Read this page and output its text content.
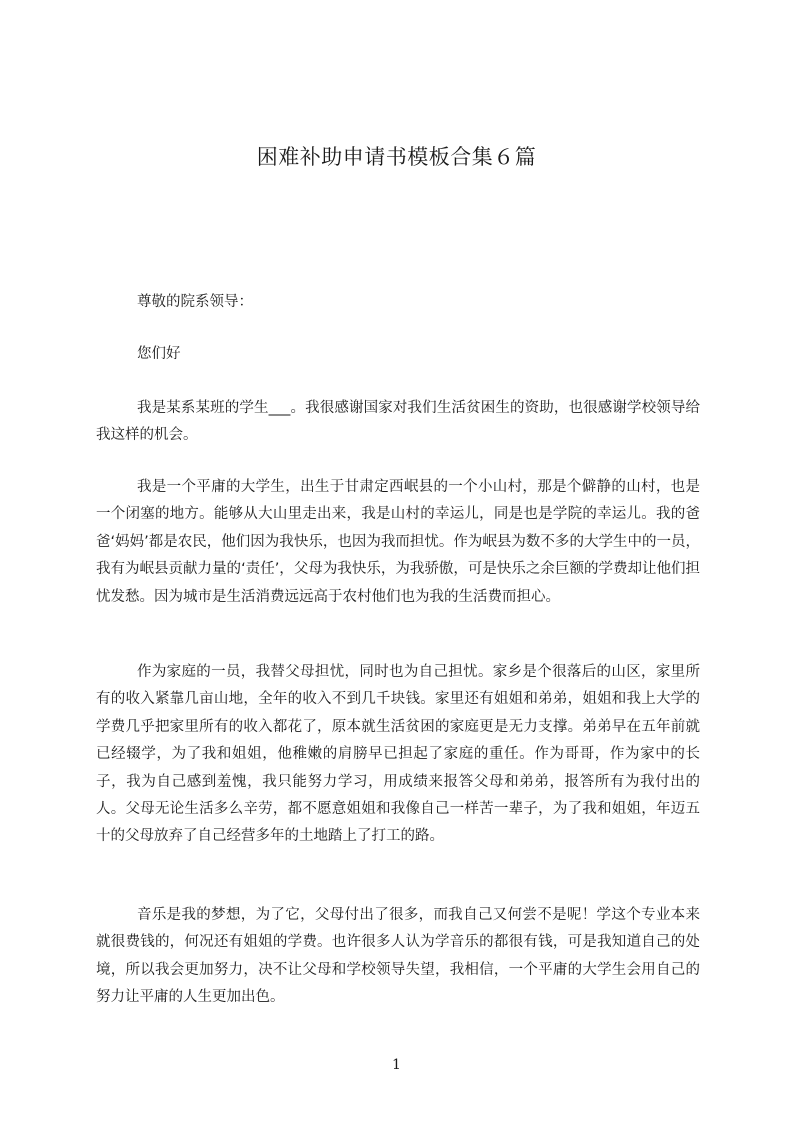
困难补助申请书模板合集６篇
尊敬的院系领导：
您们好

我是某系某班的学生___。我很感谢国家对我们生活贫困生的资助，也很感谢学校领导给我这样的机会。

我是一个平庸的大学生，出生于甘肃定西岷县的一个小山村，那是个僻静的山村，也是一个闭塞的地方。能够从大山里走出来，我是山村的幸运儿，同是也是学院的幸运儿。我的爸爸‘妈妈’都是农民，他们因为我快乐，也因为我而担忧。作为岷县为数不多的大学生中的一员，我有为岷县贡献力量的‘责任’，父母为我快乐，为我骄傲，可是快乐之余巨额的学费却让他们担忧发愁。因为城市是生活消费远远高于农村他们也为我的生活费而担心。

作为家庭的一员，我替父母担忧，同时也为自己担忧。家乡是个很落后的山区，家里所有的收入紧靠几亩山地，全年的收入不到几千块钱。家里还有姐姐和弟弟，姐姐和我上大学的学费几乎把家里所有的收入都花了，原本就生活贫困的家庭更是无力支撑。弟弟早在五年前就已经辍学，为了我和姐姐，他稚嫩的肩膀早已担起了家庭的重任。作为哥哥，作为家中的长子，我为自己感到羞愧，我只能努力学习，用成绩来报答父母和弟弟，报答所有为我付出的人。父母无论生活多么辛劳，都不愿意姐姐和我像自己一样苦一辈子，为了我和姐姐，年迈五十的父母放弃了自己经营多年的土地踏上了打工的路。

音乐是我的梦想，为了它，父母付出了很多，而我自己又何尝不是呢！学这个专业本来就很费钱的，何况还有姐姐的学费。也许很多人认为学音乐的都很有钱，可是我知道自己的处境，所以我会更加努力，决不让父母和学校领导失望，我相信，一个平庸的大学生会用自己的努力让平庸的人生更加出色。

1
